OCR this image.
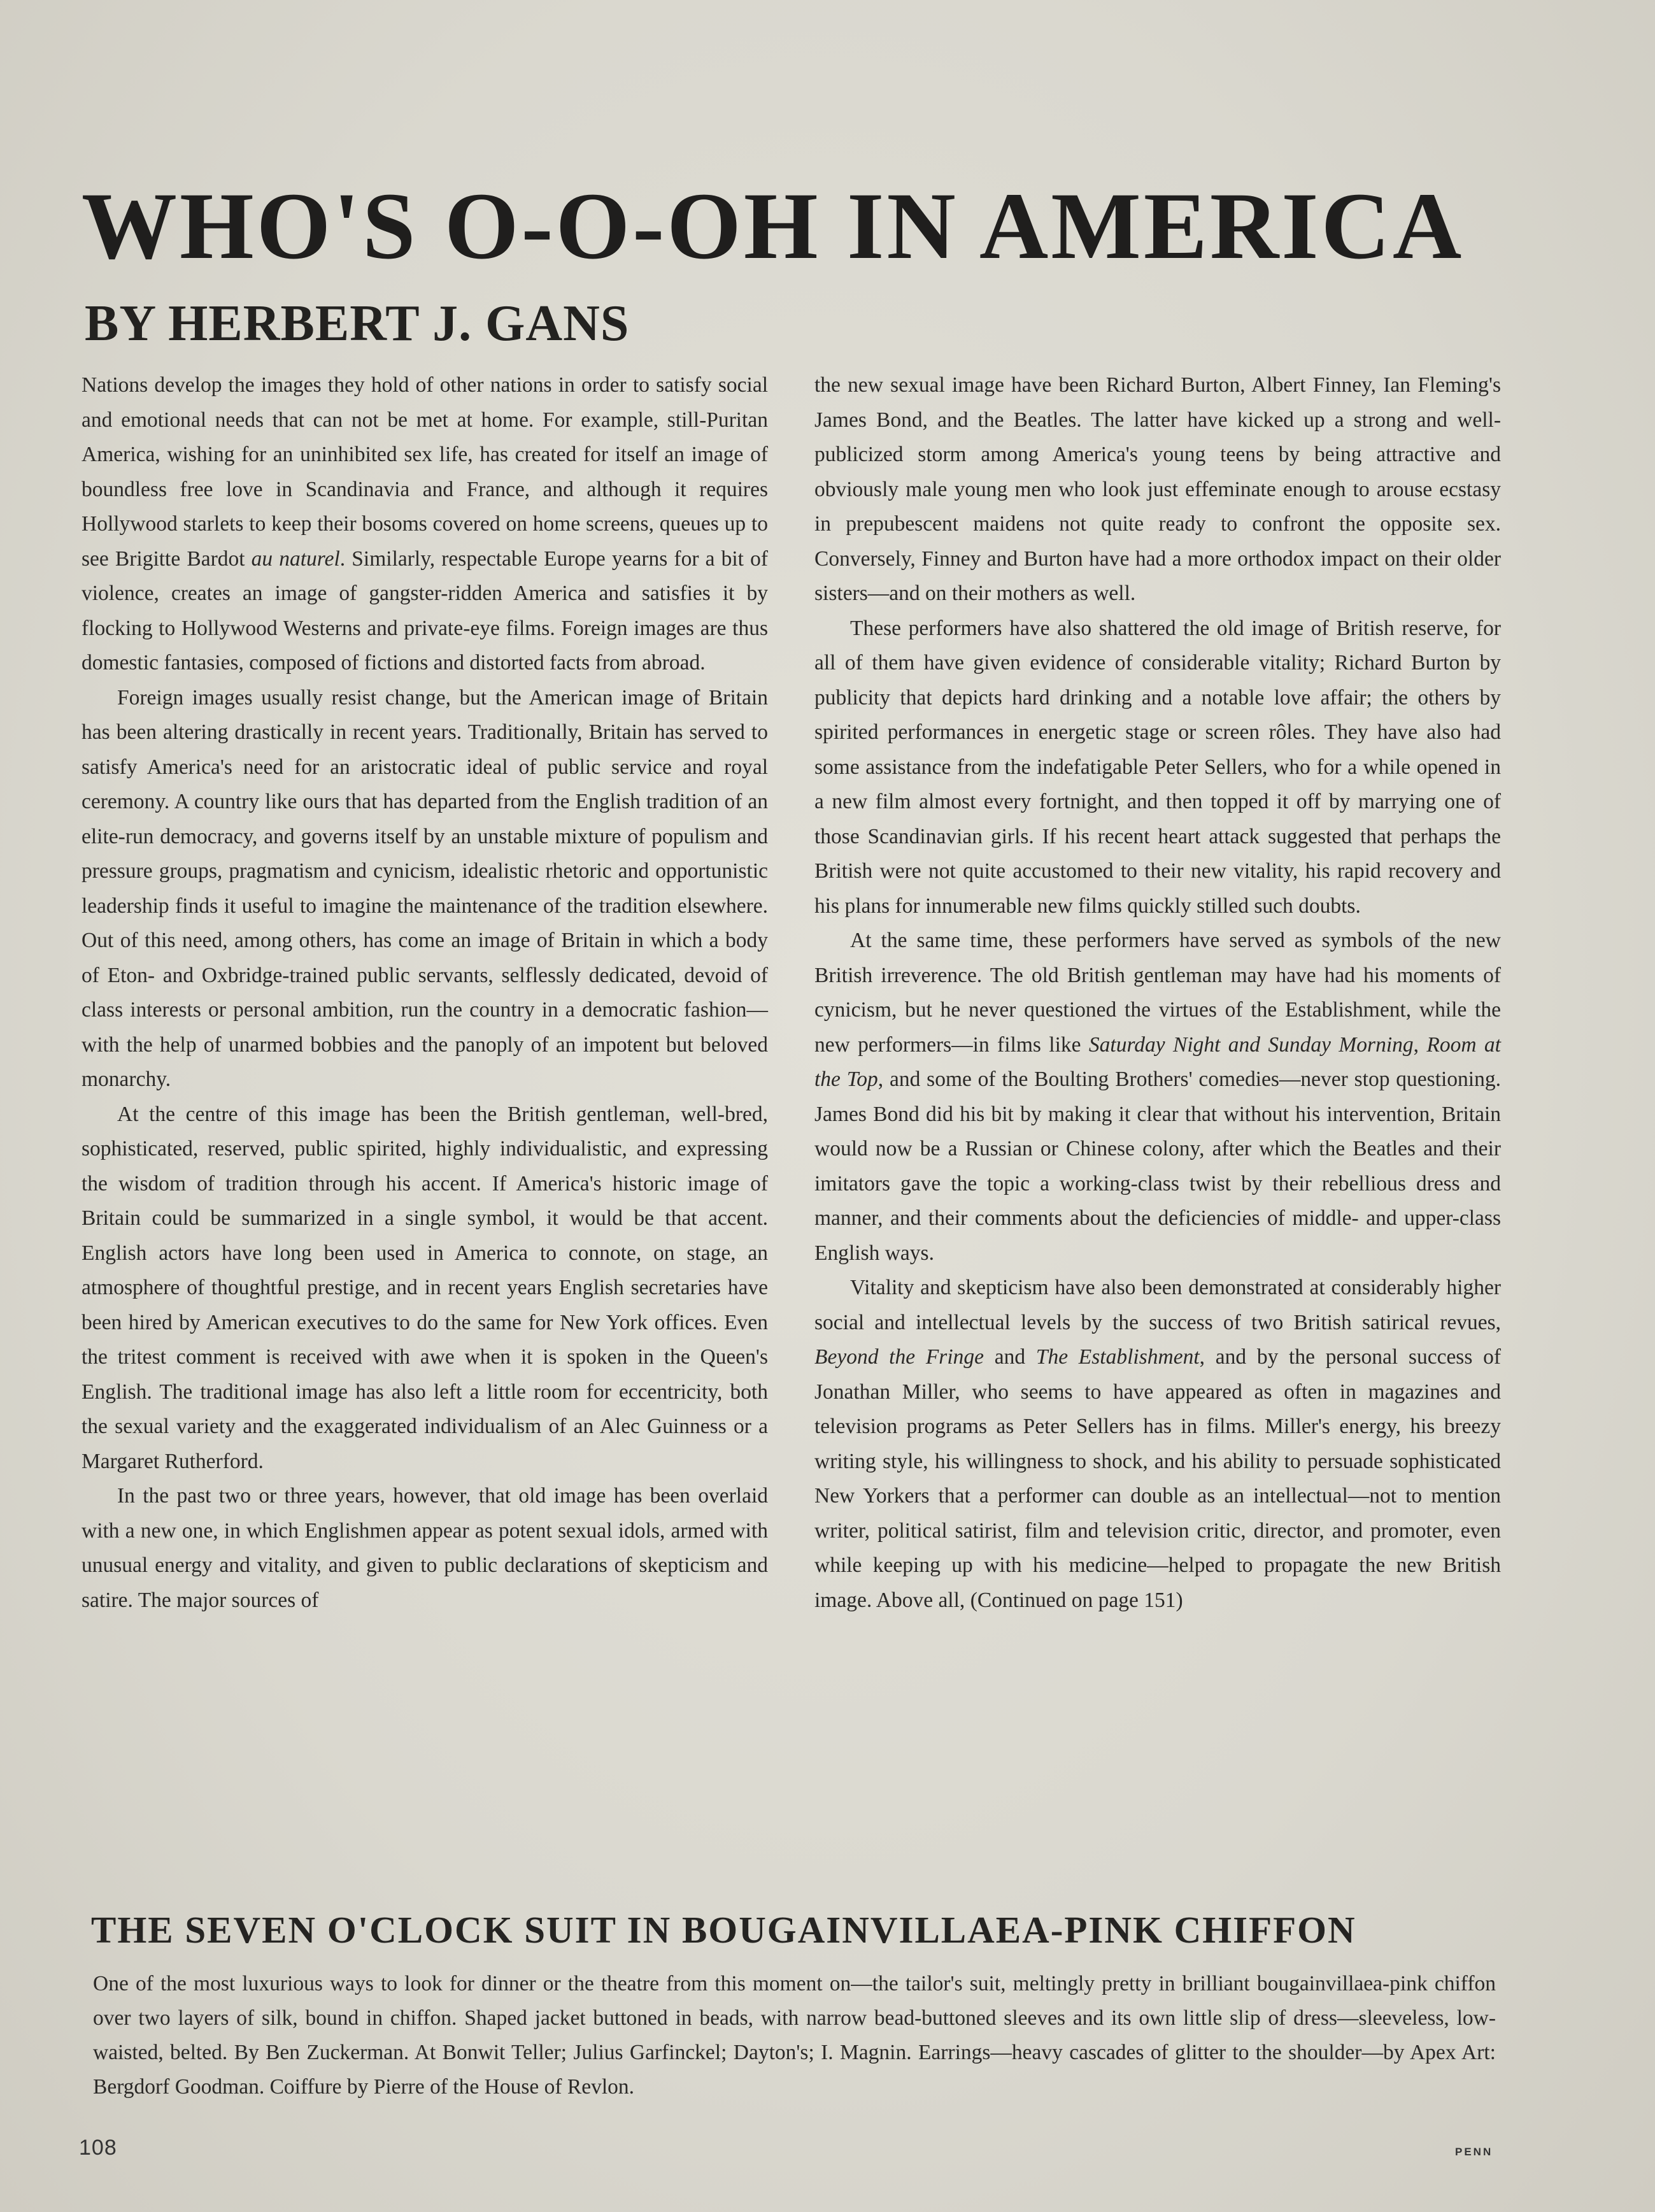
WHO'S O-O-OH IN AMERICA
BY HERBERT J. GANS

Nations develop the images they hold of other nations in order to satisfy social and emotional needs that can not be met at home. For example, still-Puritan America, wishing for an uninhibited sex life, has created for itself an image of boundless free love in Scandinavia and France, and although it requires Hollywood starlets to keep their bosoms covered on home screens, queues up to see Brigitte Bardot au naturel. Similarly, respectable Europe yearns for a bit of violence, creates an image of gangster-ridden America and satisfies it by flocking to Hollywood Westerns and private-eye films. Foreign images are thus domestic fantasies, composed of fictions and distorted facts from abroad.

Foreign images usually resist change, but the American image of Britain has been altering drastically in recent years. Traditionally, Britain has served to satisfy America's need for an aristocratic ideal of public service and royal ceremony. A country like ours that has departed from the English tradition of an elite-run democracy, and governs itself by an unstable mixture of populism and pressure groups, pragmatism and cynicism, idealistic rhetoric and opportunistic leadership finds it useful to imagine the maintenance of the tradition elsewhere. Out of this need, among others, has come an image of Britain in which a body of Eton- and Oxbridge-trained public servants, selflessly dedicated, devoid of class interests or personal ambition, run the country in a democratic fashion—with the help of unarmed bobbies and the panoply of an impotent but beloved monarchy.

At the centre of this image has been the British gentleman, well-bred, sophisticated, reserved, public spirited, highly individualistic, and expressing the wisdom of tradition through his accent. If America's historic image of Britain could be summarized in a single symbol, it would be that accent. English actors have long been used in America to connote, on stage, an atmosphere of thoughtful prestige, and in recent years English secretaries have been hired by American executives to do the same for New York offices. Even the tritest comment is received with awe when it is spoken in the Queen's English. The traditional image has also left a little room for eccentricity, both the sexual variety and the exaggerated individualism of an Alec Guinness or a Margaret Rutherford.

In the past two or three years, however, that old image has been overlaid with a new one, in which Englishmen appear as potent sexual idols, armed with unusual energy and vitality, and given to public declarations of skepticism and satire. The major sources of

the new sexual image have been Richard Burton, Albert Finney, Ian Fleming's James Bond, and the Beatles. The latter have kicked up a strong and well-publicized storm among America's young teens by being attractive and obviously male young men who look just effeminate enough to arouse ecstasy in prepubescent maidens not quite ready to confront the opposite sex. Conversely, Finney and Burton have had a more orthodox impact on their older sisters—and on their mothers as well.

These performers have also shattered the old image of British reserve, for all of them have given evidence of considerable vitality; Richard Burton by publicity that depicts hard drinking and a notable love affair; the others by spirited performances in energetic stage or screen rôles. They have also had some assistance from the indefatigable Peter Sellers, who for a while opened in a new film almost every fortnight, and then topped it off by marrying one of those Scandinavian girls. If his recent heart attack suggested that perhaps the British were not quite accustomed to their new vitality, his rapid recovery and his plans for innumerable new films quickly stilled such doubts.

At the same time, these performers have served as symbols of the new British irreverence. The old British gentleman may have had his moments of cynicism, but he never questioned the virtues of the Establishment, while the new performers—in films like Saturday Night and Sunday Morning, Room at the Top, and some of the Boulting Brothers' comedies—never stop questioning. James Bond did his bit by making it clear that without his intervention, Britain would now be a Russian or Chinese colony, after which the Beatles and their imitators gave the topic a working-class twist by their rebellious dress and manner, and their comments about the deficiencies of middle- and upper-class English ways.

Vitality and skepticism have also been demonstrated at considerably higher social and intellectual levels by the success of two British satirical revues, Beyond the Fringe and The Establishment, and by the personal success of Jonathan Miller, who seems to have appeared as often in magazines and television programs as Peter Sellers has in films. Miller's energy, his breezy writing style, his willingness to shock, and his ability to persuade sophisticated New Yorkers that a performer can double as an intellectual—not to mention writer, political satirist, film and television critic, director, and promoter, even while keeping up with his medicine—helped to propagate the new British image. Above all, (Continued on page 151)

THE SEVEN O'CLOCK SUIT IN BOUGAINVILLAEA-PINK CHIFFON

One of the most luxurious ways to look for dinner or the theatre from this moment on—the tailor's suit, meltingly pretty in brilliant bougainvillaea-pink chiffon over two layers of silk, bound in chiffon. Shaped jacket buttoned in beads, with narrow bead-buttoned sleeves and its own little slip of dress—sleeveless, low-waisted, belted. By Ben Zuckerman. At Bonwit Teller; Julius Garfinckel; Dayton's; I. Magnin. Earrings—heavy cascades of glitter to the shoulder—by Apex Art: Bergdorf Goodman. Coiffure by Pierre of the House of Revlon.

108	PENN
